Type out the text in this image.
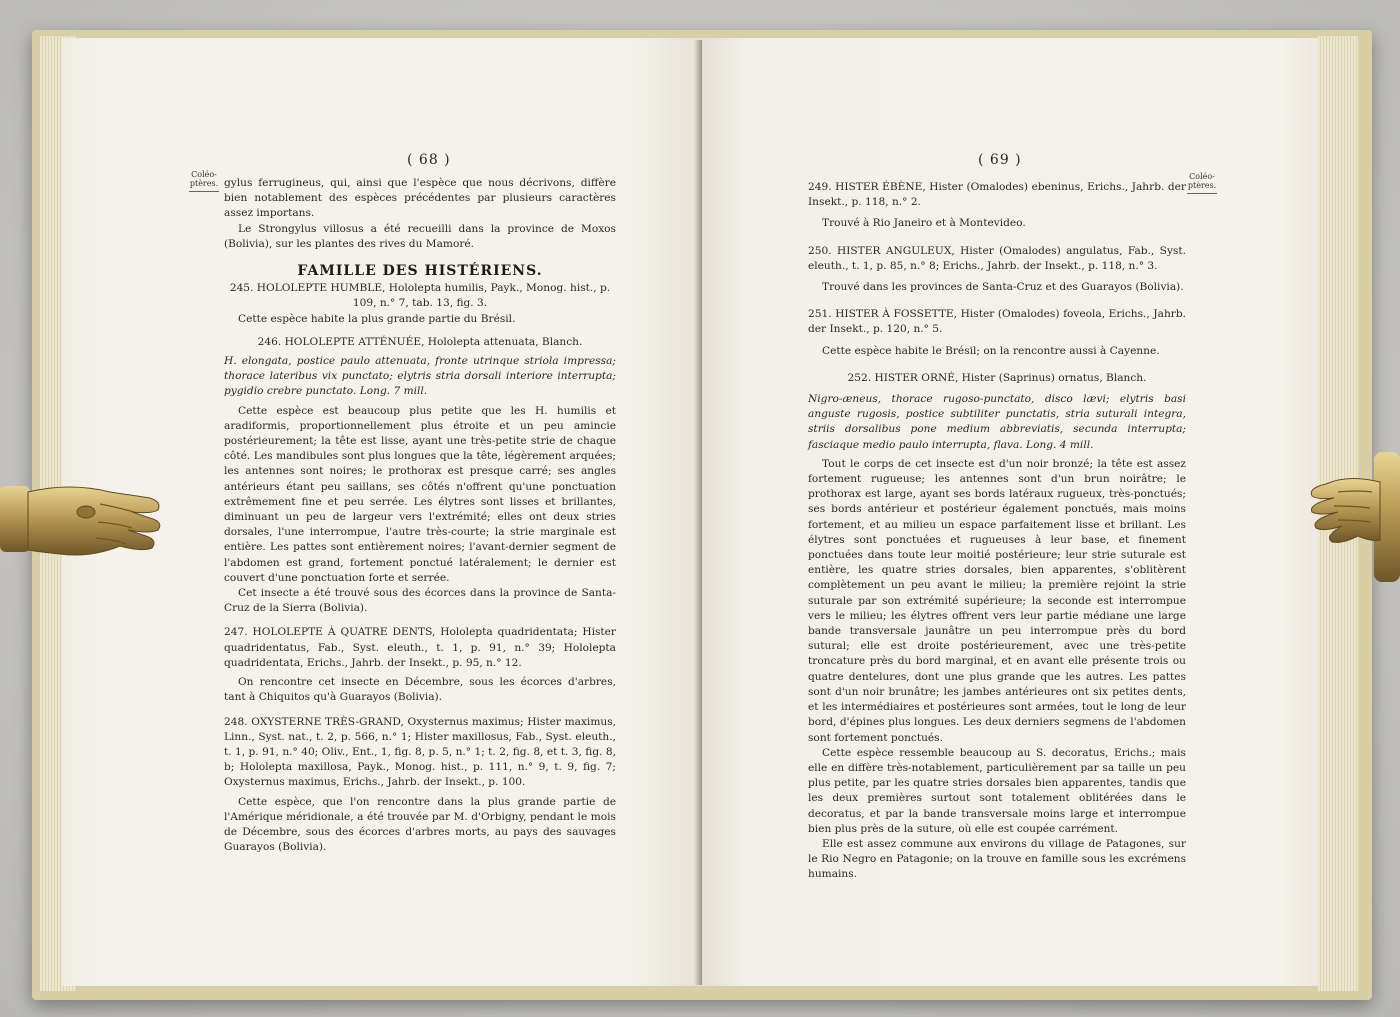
( 68 )
Coléo-
ptères. gylus ferrugineus, qui, ainsi que l'espèce que nous décrivons, diffère bien notablement des espèces précédentes par plusieurs caractères assez importans.

Le Strongylus villosus a été recueilli dans la province de Moxos (Bolivia), sur les plantes des rives du Mamoré.

FAMILLE DES HISTÉRIENS.

245. HOLOLEPTE HUMBLE, Hololepta humilis, Payk., Monog. hist., p. 109, n.° 7, tab. 13, fig. 3.

Cette espèce habite la plus grande partie du Brésil.

246. HOLOLEPTE ATTÉNUÉE, Hololepta attenuata, Blanch.

H. elongata, postice paulo attenuata, fronte utrinque striola impressa; thorace lateribus vix punctato; elytris stria dorsali interiore interrupta; pygidio crebre punctato. Long. 7 mill.

Cette espèce est beaucoup plus petite que les H. humilis et aradiformis, proportionnellement plus étroite et un peu amincie postérieurement; la tête est lisse, ayant une très-petite strie de chaque côté. Les mandibules sont plus longues que la tête, légèrement arquées; les antennes sont noires; le prothorax est presque carré; ses angles antérieurs étant peu saillans, ses côtés n'offrent qu'une ponctuation extrêmement fine et peu serrée. Les élytres sont lisses et brillantes, diminuant un peu de largeur vers l'extrémité; elles ont deux stries dorsales, l'une interrompue, l'autre très-courte; la strie marginale est entière. Les pattes sont entièrement noires; l'avant-dernier segment de l'abdomen est grand, fortement ponctué latéralement; le dernier est couvert d'une ponctuation forte et serrée.

Cet insecte a été trouvé sous des écorces dans la province de Santa-Cruz de la Sierra (Bolivia).

247. HOLOLEPTE À QUATRE DENTS, Hololepta quadridentata; Hister quadridentatus, Fab., Syst. eleuth., t. 1, p. 91, n.° 39; Hololepta quadridentata, Erichs., Jahrb. der Insekt., p. 95, n.° 12.

On rencontre cet insecte en Décembre, sous les écorces d'arbres, tant à Chiquitos qu'à Guarayos (Bolivia).

248. OXYSTERNE TRÈS-GRAND, Oxysternus maximus; Hister maximus, Linn., Syst. nat., t. 2, p. 566, n.° 1; Hister maxillosus, Fab., Syst. eleuth., t. 1, p. 91, n.° 40; Oliv., Ent., 1, fig. 8, p. 5, n.° 1; t. 2, fig. 8, et t. 3, fig. 8, b; Hololepta maxillosa, Payk., Monog. hist., p. 111, n.° 9, t. 9, fig. 7; Oxysternus maximus, Erichs., Jahrb. der Insekt., p. 100.

Cette espèce, que l'on rencontre dans la plus grande partie de l'Amérique méridionale, a été trouvée par M. d'Orbigny, pendant le mois de Décembre, sous des écorces d'arbres morts, au pays des sauvages Guarayos (Bolivia).

( 69 )
Coléo-
ptères.

249. HISTER ÉBÈNE, Hister (Omalodes) ebeninus, Erichs., Jahrb. der Insekt., p. 118, n.° 2.

Trouvé à Rio Janeiro et à Montevideo.

250. HISTER ANGULEUX, Hister (Omalodes) angulatus, Fab., Syst. eleuth., t. 1, p. 85, n.° 8; Erichs., Jahrb. der Insekt., p. 118, n.° 3.

Trouvé dans les provinces de Santa-Cruz et des Guarayos (Bolivia).

251. HISTER À FOSSETTE, Hister (Omalodes) foveola, Erichs., Jahrb. der Insekt., p. 120, n.° 5.

Cette espèce habite le Brésil; on la rencontre aussi à Cayenne.

252. HISTER ORNÉ, Hister (Saprinus) ornatus, Blanch.

Nigro-æneus, thorace rugoso-punctato, disco lævi; elytris basi anguste rugosis, postice subtiliter punctatis, stria suturali integra, striis dorsalibus pone medium abbreviatis, secunda interrupta; fasciaque medio paulo interrupta, flava. Long. 4 mill.

Tout le corps de cet insecte est d'un noir bronzé; la tête est assez fortement rugueuse; les antennes sont d'un brun noirâtre; le prothorax est large, ayant ses bords latéraux rugueux, très-ponctués; ses bords antérieur et postérieur également ponctués, mais moins fortement, et au milieu un espace parfaitement lisse et brillant. Les élytres sont ponctuées et rugueuses à leur base, et finement ponctuées dans toute leur moitié postérieure; leur strie suturale est entière, les quatre stries dorsales, bien apparentes, s'oblitèrent complètement un peu avant le milieu; la première rejoint la strie suturale par son extrémité supérieure; la seconde est interrompue vers le milieu; les élytres offrent vers leur partie médiane une large bande transversale jaunâtre un peu interrompue près du bord sutural; elle est droite postérieurement, avec une très-petite troncature près du bord marginal, et en avant elle présente trois ou quatre dentelures, dont une plus grande que les autres. Les pattes sont d'un noir brunâtre; les jambes antérieures ont six petites dents, et les intermédiaires et postérieures sont armées, tout le long de leur bord, d'épines plus longues. Les deux derniers segmens de l'abdomen sont fortement ponctués.

Cette espèce ressemble beaucoup au S. decoratus, Erichs.; mais elle en diffère très-notablement, particulièrement par sa taille un peu plus petite, par les quatre stries dorsales bien apparentes, tandis que les deux premières surtout sont totalement oblitérées dans le decoratus, et par la bande transversale moins large et interrompue bien plus près de la suture, où elle est coupée carrément.

Elle est assez commune aux environs du village de Patagones, sur le Rio Negro en Patagonie; on la trouve en famille sous les excrémens humains.
